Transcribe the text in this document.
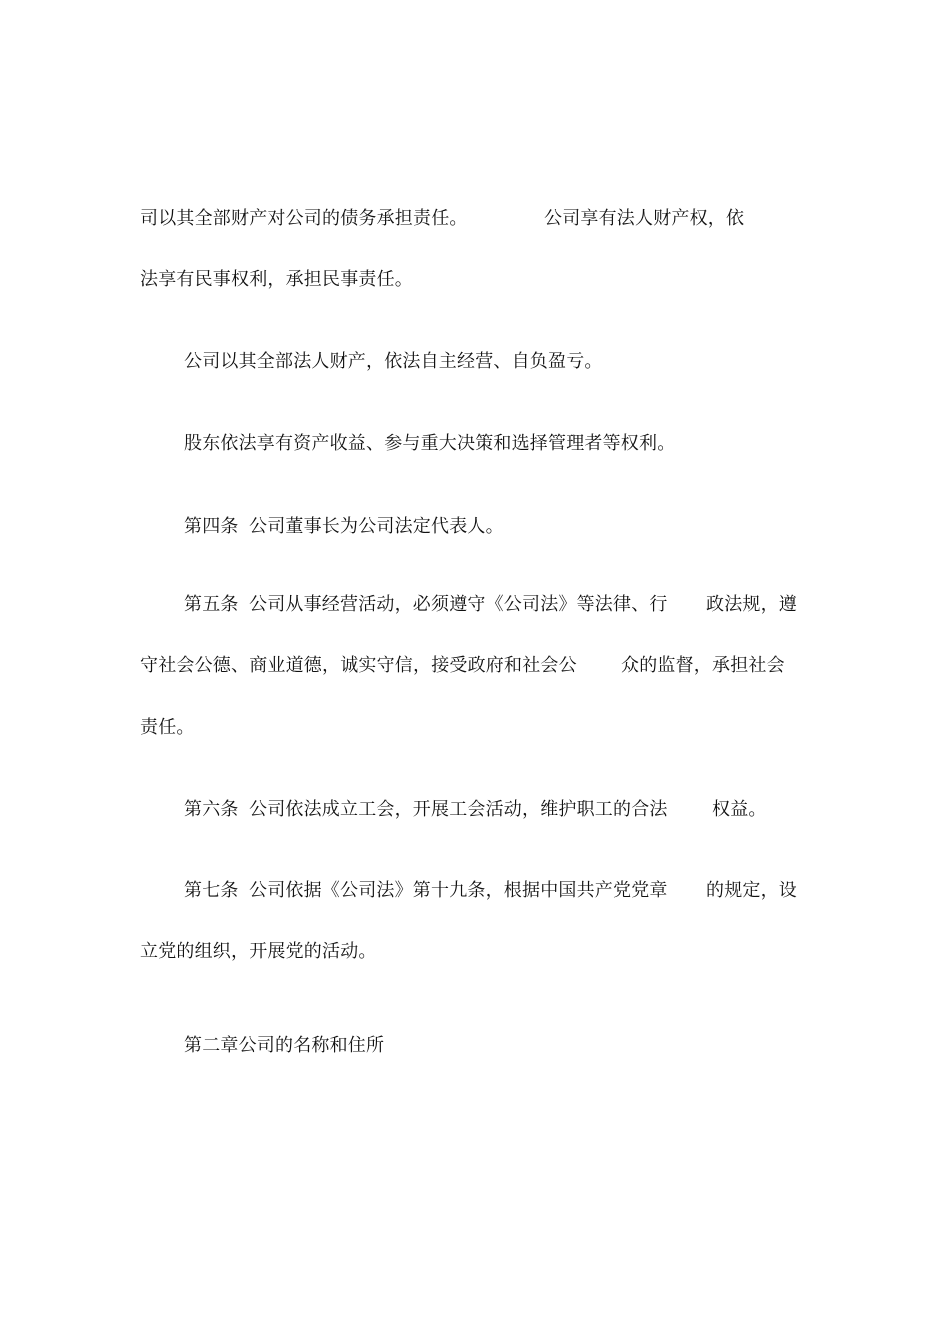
司以其全部财产对公司的债务承担责任。	公司享有法人财产权，依
法享有民事权利，承担民事责任。
公司以其全部法人财产，依法自主经营、自负盈亏。
股东依法享有资产收益、参与重大决策和选择管理者等权利。
第四条 公司董事长为公司法定代表人。
第五条 公司从事经营活动，必须遵守《公司法》等法律、行 政法规，遵
守社会公德、商业道德，诚实守信，接受政府和社会公 众的监督，承担社会
责任。
第六条 公司依法成立工会，开展工会活动，维护职工的合法 权益。
第七条 公司依据《公司法》第十九条，根据中国共产党党章 的规定，设
立党的组织，开展党的活动。
第二章公司的名称和住所
